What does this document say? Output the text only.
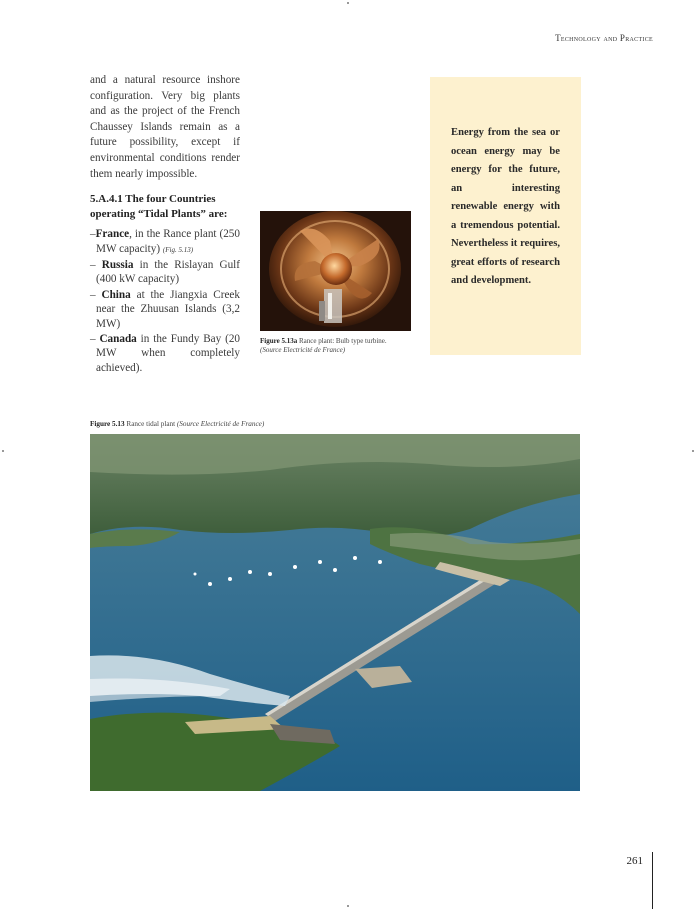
Technology and Practice

and a natural resource inshore configuration. Very big plants and as the project of the French Chaussey Islands remain as a future possibility, except if environmental conditions render them nearly impossible.

5.A.4.1 The four Countries operating “Tidal Plants” are:
–France, in the Rance plant (250 MW capacity) (Fig. 5.13)
– Russia in the Rislayan Gulf (400 kW capacity)
– China at the Jiangxia Creek near the Zhuusan Islands (3,2 MW)
– Canada in the Fundy Bay (20 MW when completely achieved).
Figure 5.13a Rance plant: Bulb type turbine.
(Source Electricité de France)
Energy from the sea or ocean energy may be energy for the future, an interesting renewable energy with a tremendous potential. Nevertheless it requires, great efforts of research and development.
Figure 5.13 Rance tidal plant (Source Electricité de France)
261
